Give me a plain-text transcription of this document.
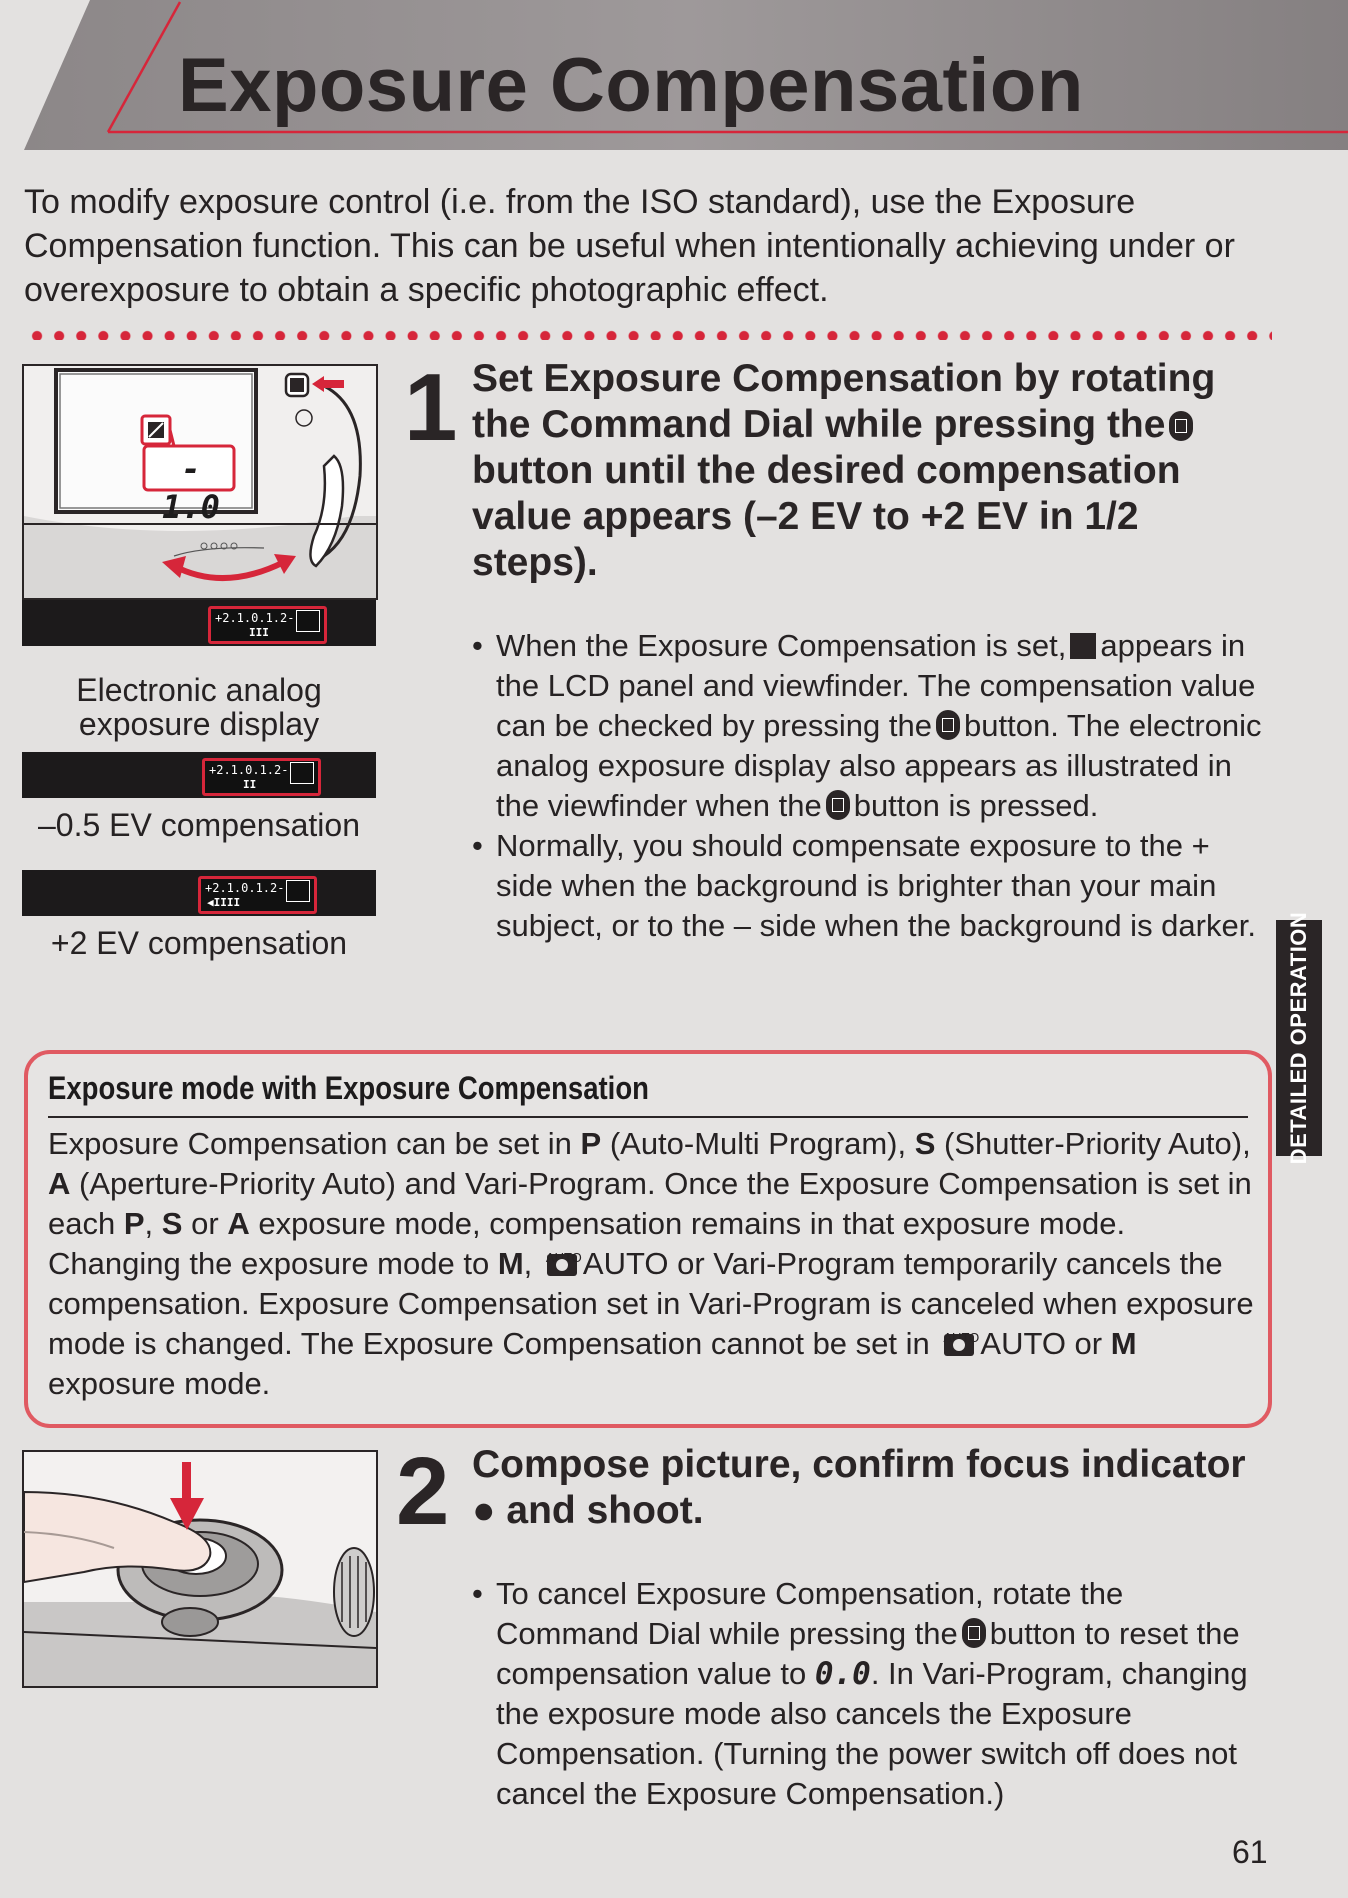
Exposure Compensation

To modify exposure control (i.e. from the ISO standard), use the Exposure Compensation function. This can be useful when intentionally achieving under or overexposure to obtain a specific photographic effect.

- 1.0
+2.1.0.1.2-
III
Electronic analog exposure display
+2.1.0.1.2-
II
–0.5 EV compensation
+2.1.0.1.2-
◀IIII
+2 EV compensation
1 Set Exposure Compensation by rotating the Command Dial while pressing thebutton until the desired compensation value appears (–2 EV to +2 EV in 1/2 steps).
• When the Exposure Compensation is set, appears in the LCD panel and viewfinder. The compensation value can be checked by pressing the button. The electronic analog exposure display also appears as illustrated in the viewfinder when the button is pressed.
• Normally, you should compensate exposure to the + side when the background is brighter than your main subject, or to the – side when the background is darker.	DETAILED OPERATION
Exposure mode with Exposure Compensation
Exposure Compensation can be set in P (Auto-Multi Program), S (Shutter-Priority Auto), A (Aperture-Priority Auto) and Vari-Program. Once the Exposure Compensation is set in each P, S or A exposure mode, compensation remains in that exposure mode. Changing the exposure mode to M, AUTO AUTO or Vari-Program temporarily cancels the compensation. Exposure Compensation set in Vari-Program is canceled when exposure mode is changed. The Exposure Compensation cannot be set in AUTO AUTO or M exposure mode.
2 Compose picture, confirm focus indicator ● and shoot.
• To cancel Exposure Compensation, rotate the Command Dial while pressing the button to reset the compensation value to 0.0. In Vari-Program, changing the exposure mode also cancels the Exposure Compensation. (Turning the power switch off does not cancel the Exposure Compensation.)
61
